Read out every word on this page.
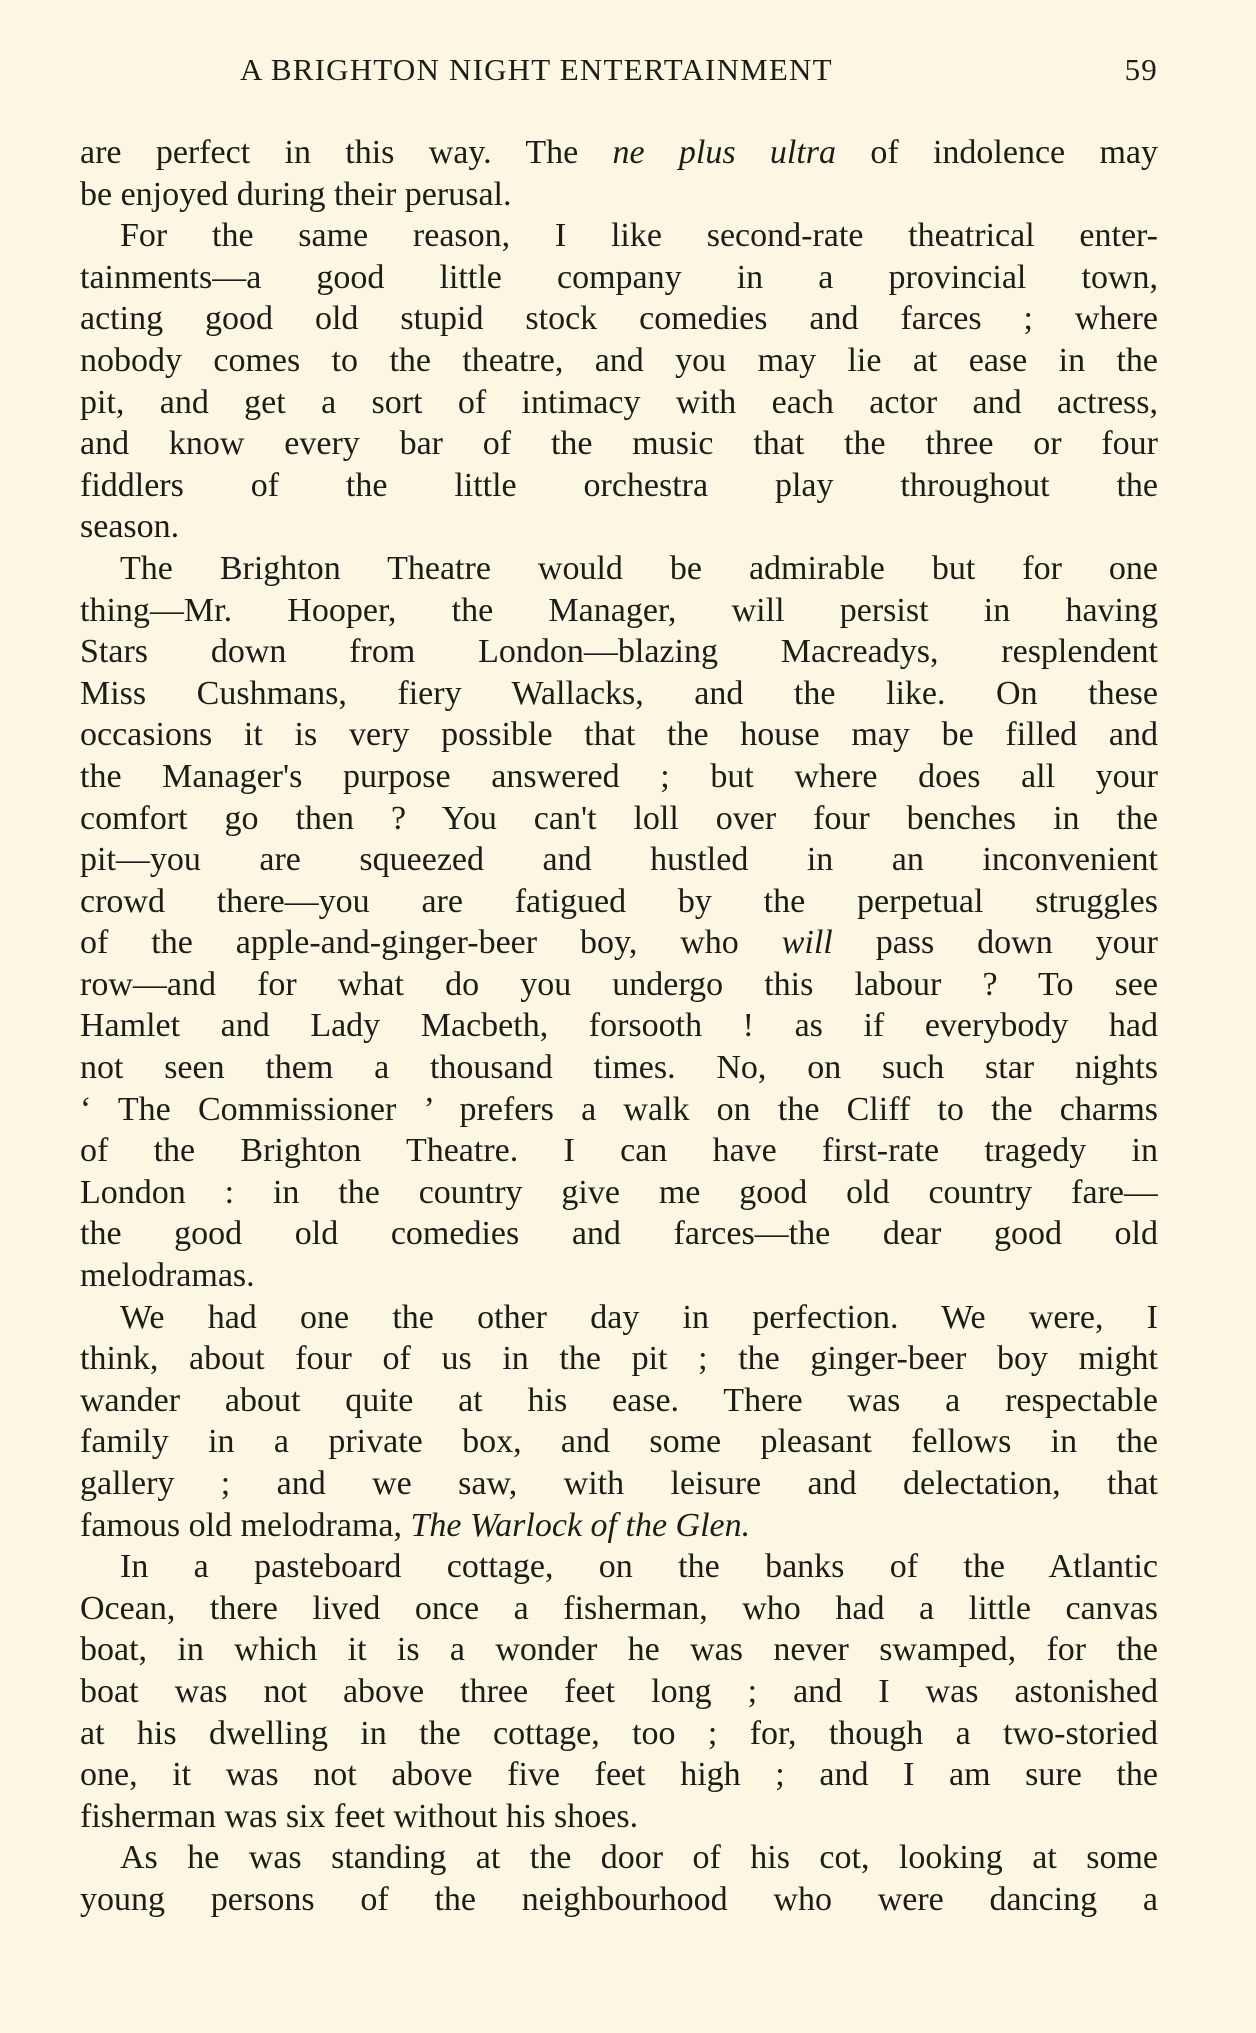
A BRIGHTON NIGHT ENTERTAINMENT	59
are perfect in this way. The ne plus ultra of indolence may
be enjoyed during their perusal.
For the same reason, I like second-rate theatrical enter-
tainments—a good little company in a provincial town,
acting good old stupid stock comedies and farces ; where
nobody comes to the theatre, and you may lie at ease in the
pit, and get a sort of intimacy with each actor and actress,
and know every bar of the music that the three or four
fiddlers of the little orchestra play throughout the
season.
The Brighton Theatre would be admirable but for one
thing—Mr. Hooper, the Manager, will persist in having
Stars down from London—blazing Macreadys, resplendent
Miss Cushmans, fiery Wallacks, and the like. On these
occasions it is very possible that the house may be filled and
the Manager's purpose answered ; but where does all your
comfort go then ? You can't loll over four benches in the
pit—you are squeezed and hustled in an inconvenient
crowd there—you are fatigued by the perpetual struggles
of the apple-and-ginger-beer boy, who will pass down your
row—and for what do you undergo this labour ? To see
Hamlet and Lady Macbeth, forsooth ! as if everybody had
not seen them a thousand times. No, on such star nights
‘ The Commissioner ’ prefers a walk on the Cliff to the charms
of the Brighton Theatre. I can have first-rate tragedy in
London : in the country give me good old country fare—
the good old comedies and farces—the dear good old
melodramas.
We had one the other day in perfection. We were, I
think, about four of us in the pit ; the ginger-beer boy might
wander about quite at his ease. There was a respectable
family in a private box, and some pleasant fellows in the
gallery ; and we saw, with leisure and delectation, that
famous old melodrama, The Warlock of the Glen.
In a pasteboard cottage, on the banks of the Atlantic
Ocean, there lived once a fisherman, who had a little canvas
boat, in which it is a wonder he was never swamped, for the
boat was not above three feet long ; and I was astonished
at his dwelling in the cottage, too ; for, though a two-storied
one, it was not above five feet high ; and I am sure the
fisherman was six feet without his shoes.
As he was standing at the door of his cot, looking at some
young persons of the neighbourhood who were dancing a
